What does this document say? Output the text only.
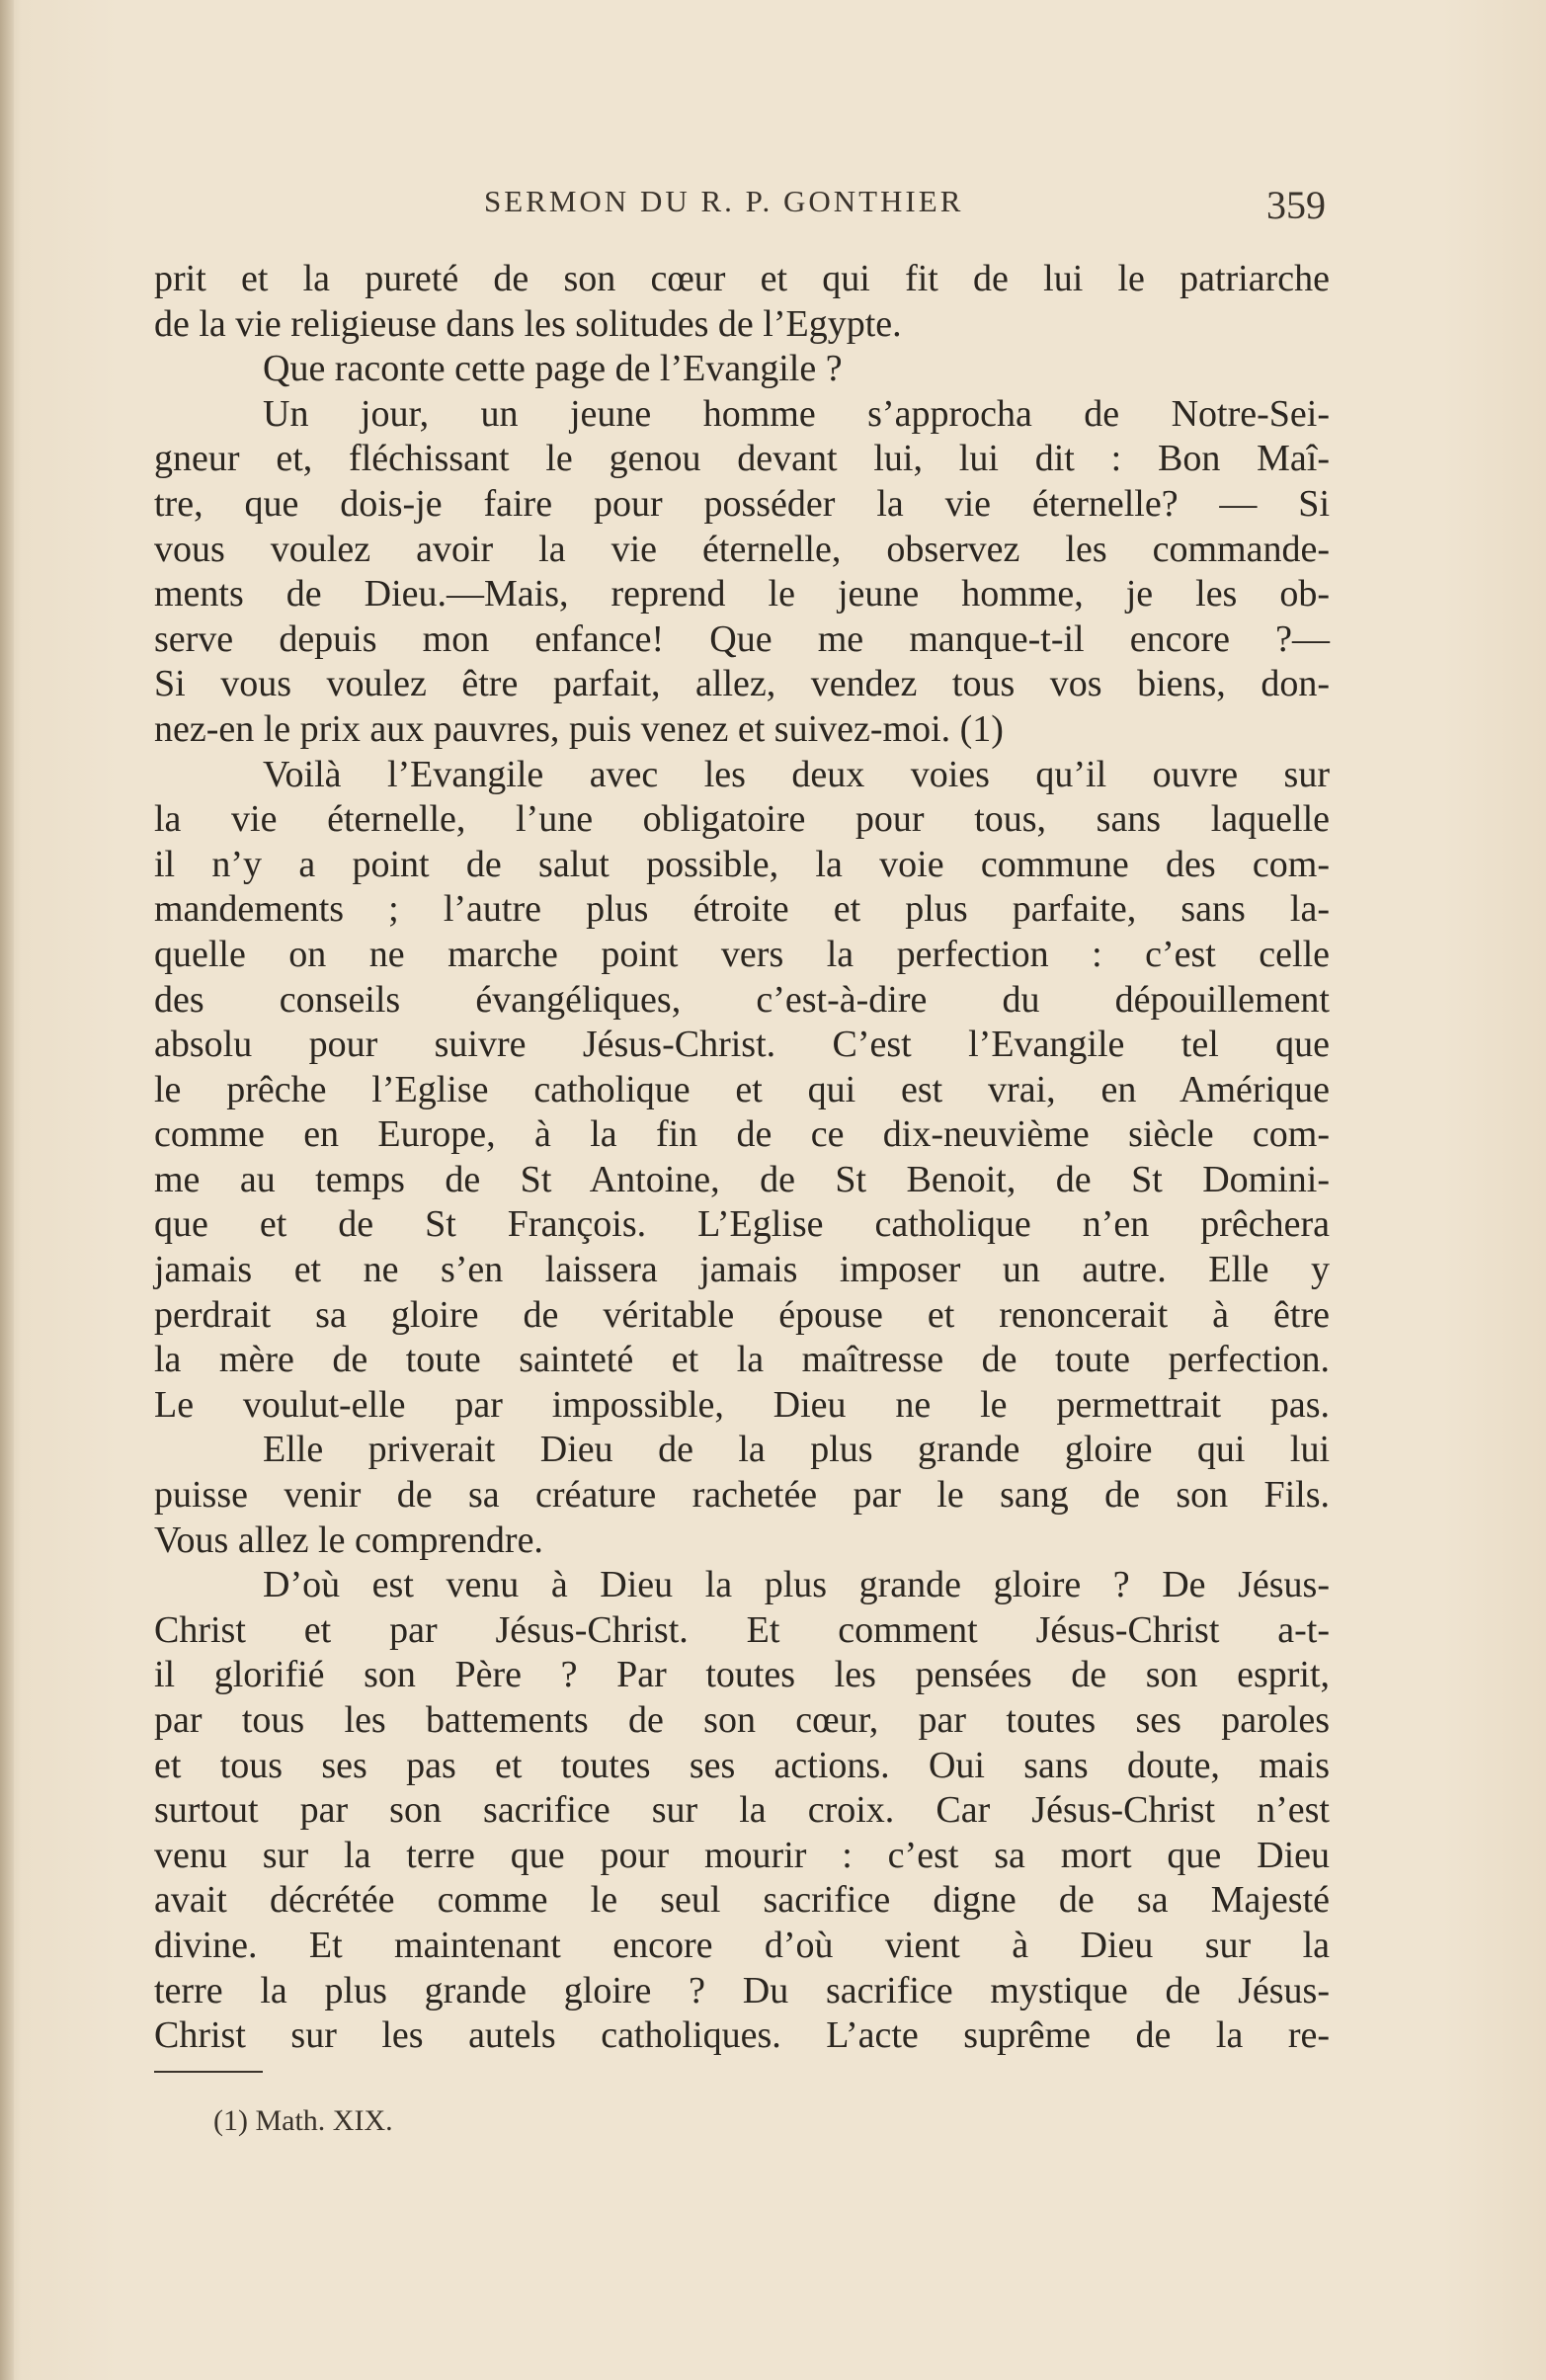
SERMON DU R. P. GONTHIER	359
prit et la pureté de son cœur et qui fit de lui le patriarche
de la vie religieuse dans les solitudes de l’Egypte.
Que raconte cette page de l’Evangile ?
Un jour, un jeune homme s’approcha de Notre-Sei-
gneur et, fléchissant le genou devant lui, lui dit : Bon Maî-
tre, que dois-je faire pour posséder la vie éternelle? — Si
vous voulez avoir la vie éternelle, observez les commande-
ments de Dieu.—Mais, reprend le jeune homme, je les ob-
serve depuis mon enfance! Que me manque-t-il encore ?—
Si vous voulez être parfait, allez, vendez tous vos biens, don-
nez-en le prix aux pauvres, puis venez et suivez-moi. (1)
Voilà l’Evangile avec les deux voies qu’il ouvre sur
la vie éternelle, l’une obligatoire pour tous, sans laquelle
il n’y a point de salut possible, la voie commune des com-
mandements ; l’autre plus étroite et plus parfaite, sans la-
quelle on ne marche point vers la perfection : c’est celle
des conseils évangéliques, c’est-à-dire du dépouillement
absolu pour suivre Jésus-Christ. C’est l’Evangile tel que
le prêche l’Eglise catholique et qui est vrai, en Amérique
comme en Europe, à la fin de ce dix-neuvième siècle com-
me au temps de St Antoine, de St Benoit, de St Domini-
que et de St François. L’Eglise catholique n’en prêchera
jamais et ne s’en laissera jamais imposer un autre. Elle y
perdrait sa gloire de véritable épouse et renoncerait à être
la mère de toute sainteté et la maîtresse de toute perfection.
Le voulut-elle par impossible, Dieu ne le permettrait pas.
Elle priverait Dieu de la plus grande gloire qui lui
puisse venir de sa créature rachetée par le sang de son Fils.
Vous allez le comprendre.
D’où est venu à Dieu la plus grande gloire ? De Jésus-
Christ et par Jésus-Christ. Et comment Jésus-Christ a-t-
il glorifié son Père ? Par toutes les pensées de son esprit,
par tous les battements de son cœur, par toutes ses paroles
et tous ses pas et toutes ses actions. Oui sans doute, mais
surtout par son sacrifice sur la croix. Car Jésus-Christ n’est
venu sur la terre que pour mourir : c’est sa mort que Dieu
avait décrétée comme le seul sacrifice digne de sa Majesté
divine. Et maintenant encore d’où vient à Dieu sur la
terre la plus grande gloire ? Du sacrifice mystique de Jésus-
Christ sur les autels catholiques. L’acte suprême de la re-
(1) Math. XIX.
